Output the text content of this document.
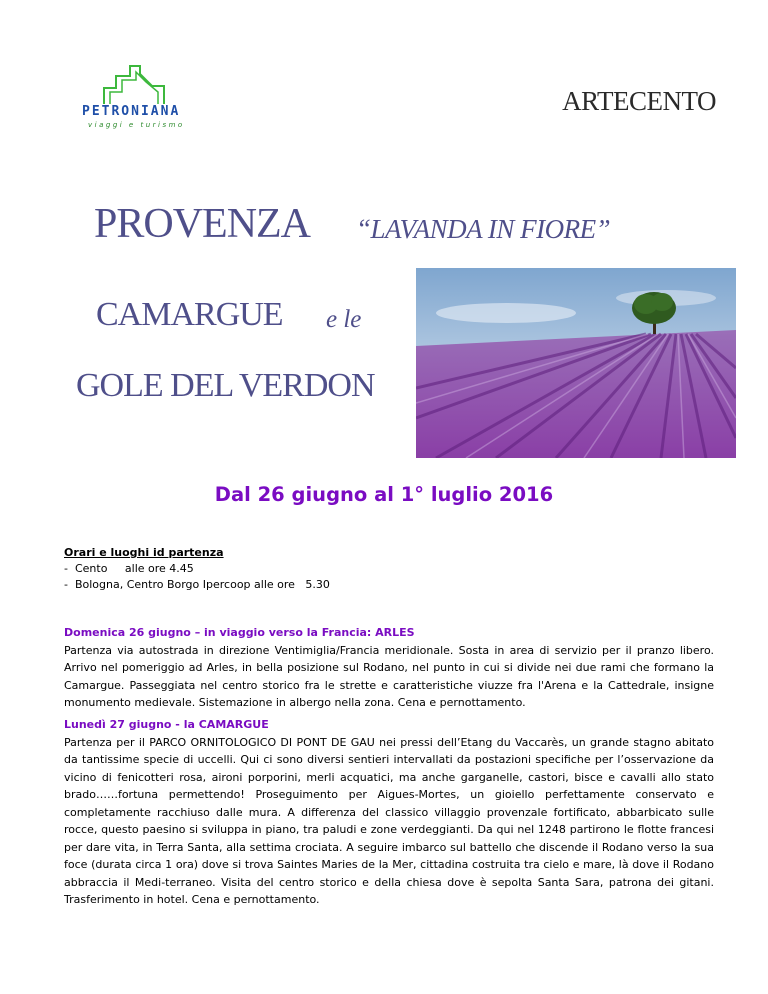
PETRONIANA
viaggi e turismo
ARTECENTO
PROVENZA “LAVANDA IN FIORE”
CAMARGUE e le
GOLE DEL VERDON
Dal 26 giugno al 1° luglio 2016
Orari e luoghi id partenza
-  Cento     alle ore 4.45
-  Bologna, Centro Borgo Ipercoop alle ore   5.30
Domenica 26 giugno – in viaggio verso la Francia: ARLES
Partenza via autostrada in direzione Ventimiglia/Francia meridionale. Sosta in area di servizio per il pranzo libero. Arrivo nel pomeriggio ad Arles, in bella posizione sul Rodano, nel punto in cui si divide nei due rami che formano la Camargue. Passeggiata nel centro storico fra le strette e caratteristiche viuzze fra l'Arena e la Cattedrale, insigne monumento medievale. Sistemazione in albergo nella zona. Cena e pernottamento.
Lunedì 27 giugno - la CAMARGUE
Partenza per il PARCO ORNITOLOGICO DI PONT DE GAU nei pressi dell’Etang du Vaccarès, un grande stagno abitato da tantissime specie di uccelli. Qui ci sono diversi sentieri intervallati da postazioni specifiche per l’osservazione da vicino di fenicotteri rosa, aironi porporini, merli acquatici, ma anche garganelle, castori, bisce e cavalli allo stato brado……fortuna permettendo! Proseguimento per Aigues-Mortes, un gioiello perfettamente conservato e completamente racchiuso dalle mura. A differenza del classico villaggio provenzale fortificato, abbarbicato sulle rocce, questo paesino si sviluppa in piano, tra paludi e zone verdeggianti. Da qui nel 1248 partirono le flotte francesi per dare vita, in Terra Santa, alla settima crociata. A seguire imbarco sul battello che discende il Rodano verso la sua foce (durata circa 1 ora) dove si trova Saintes Maries de la Mer, cittadina costruita tra cielo e mare, là dove il Rodano abbraccia il Medi-terraneo. Visita del centro storico e della chiesa dove è sepolta Santa Sara, patrona dei gitani. Trasferimento in hotel. Cena e pernottamento.
